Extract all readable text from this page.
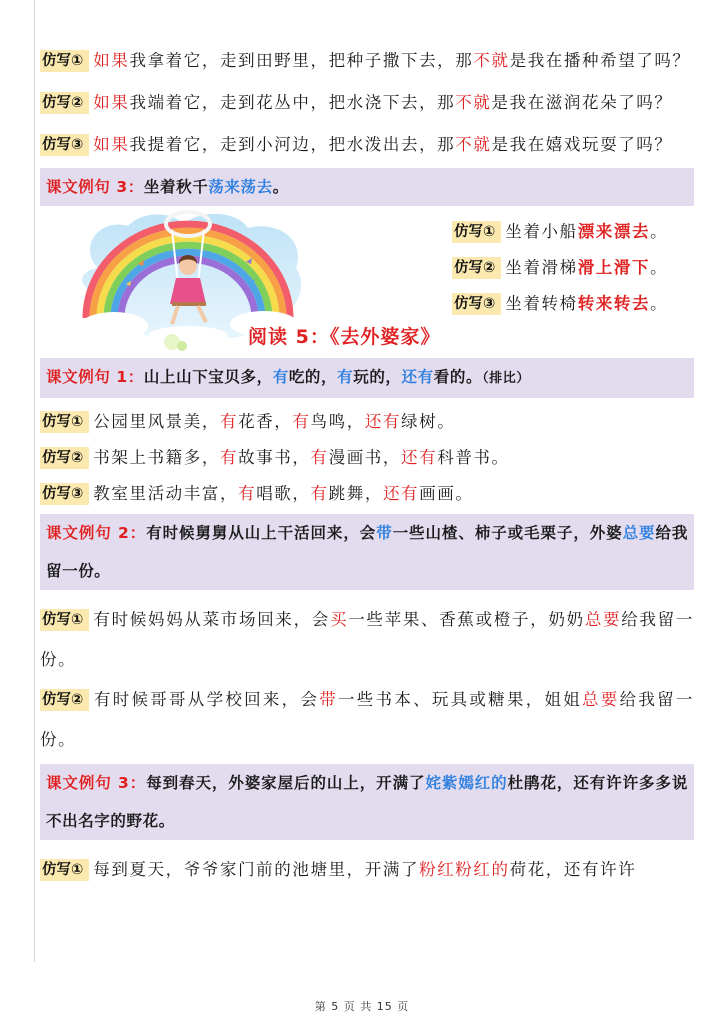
仿写① 如果我拿着它，走到田野里，把种子撒下去，那不就是我在播种希望了吗？
仿写② 如果我端着它，走到花丛中，把水浇下去，那不就是我在滋润花朵了吗？
仿写③ 如果我提着它，走到小河边，把水泼出去，那不就是我在嬉戏玩耍了吗？
课文例句 3：坐着秋千荡来荡去。
仿写① 坐着小船漂来漂去。
仿写② 坐着滑梯滑上滑下。
仿写③ 坐着转椅转来转去。
阅读 5：《去外婆家》
课文例句 1：山上山下宝贝多，有吃的，有玩的，还有看的。（排比）
仿写① 公园里风景美，有花香，有鸟鸣，还有绿树。
仿写② 书架上书籍多，有故事书，有漫画书，还有科普书。
仿写③ 教室里活动丰富，有唱歌，有跳舞，还有画画。
课文例句 2：有时候舅舅从山上干活回来，会带一些山楂、柿子或毛栗子，外婆总要给我留一份。
仿写① 有时候妈妈从菜市场回来，会买一些苹果、香蕉或橙子，奶奶总要给我留一份。
仿写② 有时候哥哥从学校回来，会带一些书本、玩具或糖果，姐姐总要给我留一份。
课文例句 3：每到春天，外婆家屋后的山上，开满了姹紫嫣红的杜鹃花，还有许许多多说不出名字的野花。
仿写① 每到夏天，爷爷家门前的池塘里，开满了粉红粉红的荷花，还有许许
第 5 页 共 15 页
